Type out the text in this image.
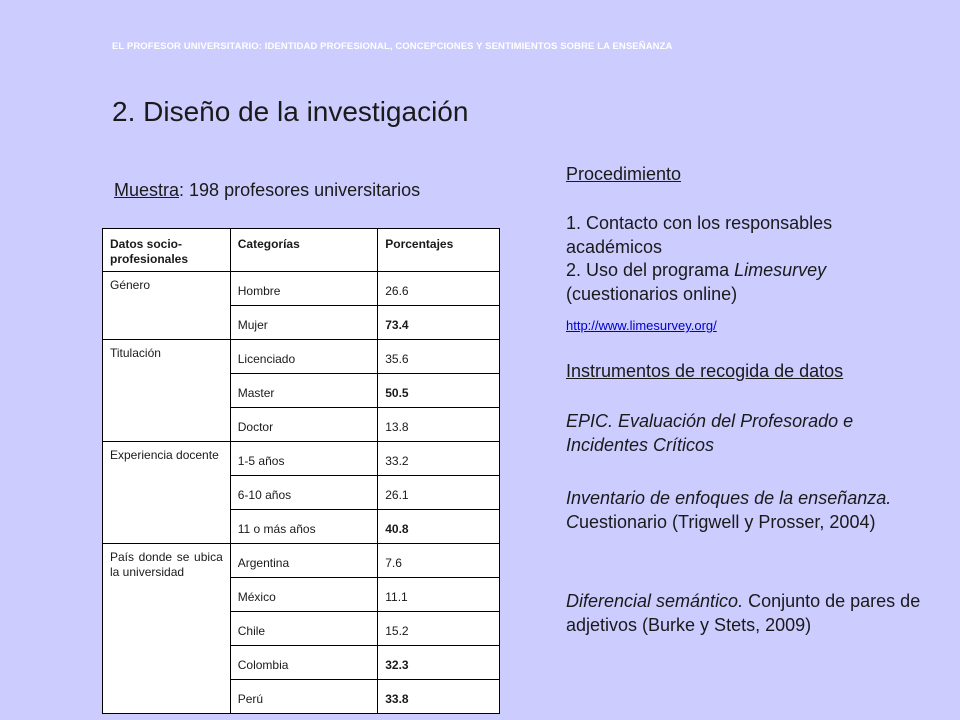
EL PROFESOR UNIVERSITARIO: IDENTIDAD PROFESIONAL, CONCEPCIONES Y SENTIMIENTOS SOBRE LA ENSEÑANZA
2. Diseño de la investigación
Muestra: 198 profesores universitarios
Datos socio-profesionales	Categorías	Porcentajes
Género	Hombre	26.6
	Mujer	73.4
Titulación	Licenciado	35.6
	Master	50.5
	Doctor	13.8
Experiencia docente	1-5 años	33.2
	6-10 años	26.1
	11 o más años	40.8
País donde se ubica la universidad	Argentina	7.6
	México	11.1
	Chile	15.2
	Colombia	32.3
	Perú	33.8
Procedimiento
1. Contacto con los responsables académicos
2. Uso del programa Limesurvey (cuestionarios online)
http://www.limesurvey.org/
Instrumentos de recogida de datos
EPIC. Evaluación del Profesorado e Incidentes Críticos
Inventario de enfoques de la enseñanza. Cuestionario (Trigwell y Prosser, 2004)
Diferencial semántico. Conjunto de pares de adjetivos (Burke y Stets, 2009)
